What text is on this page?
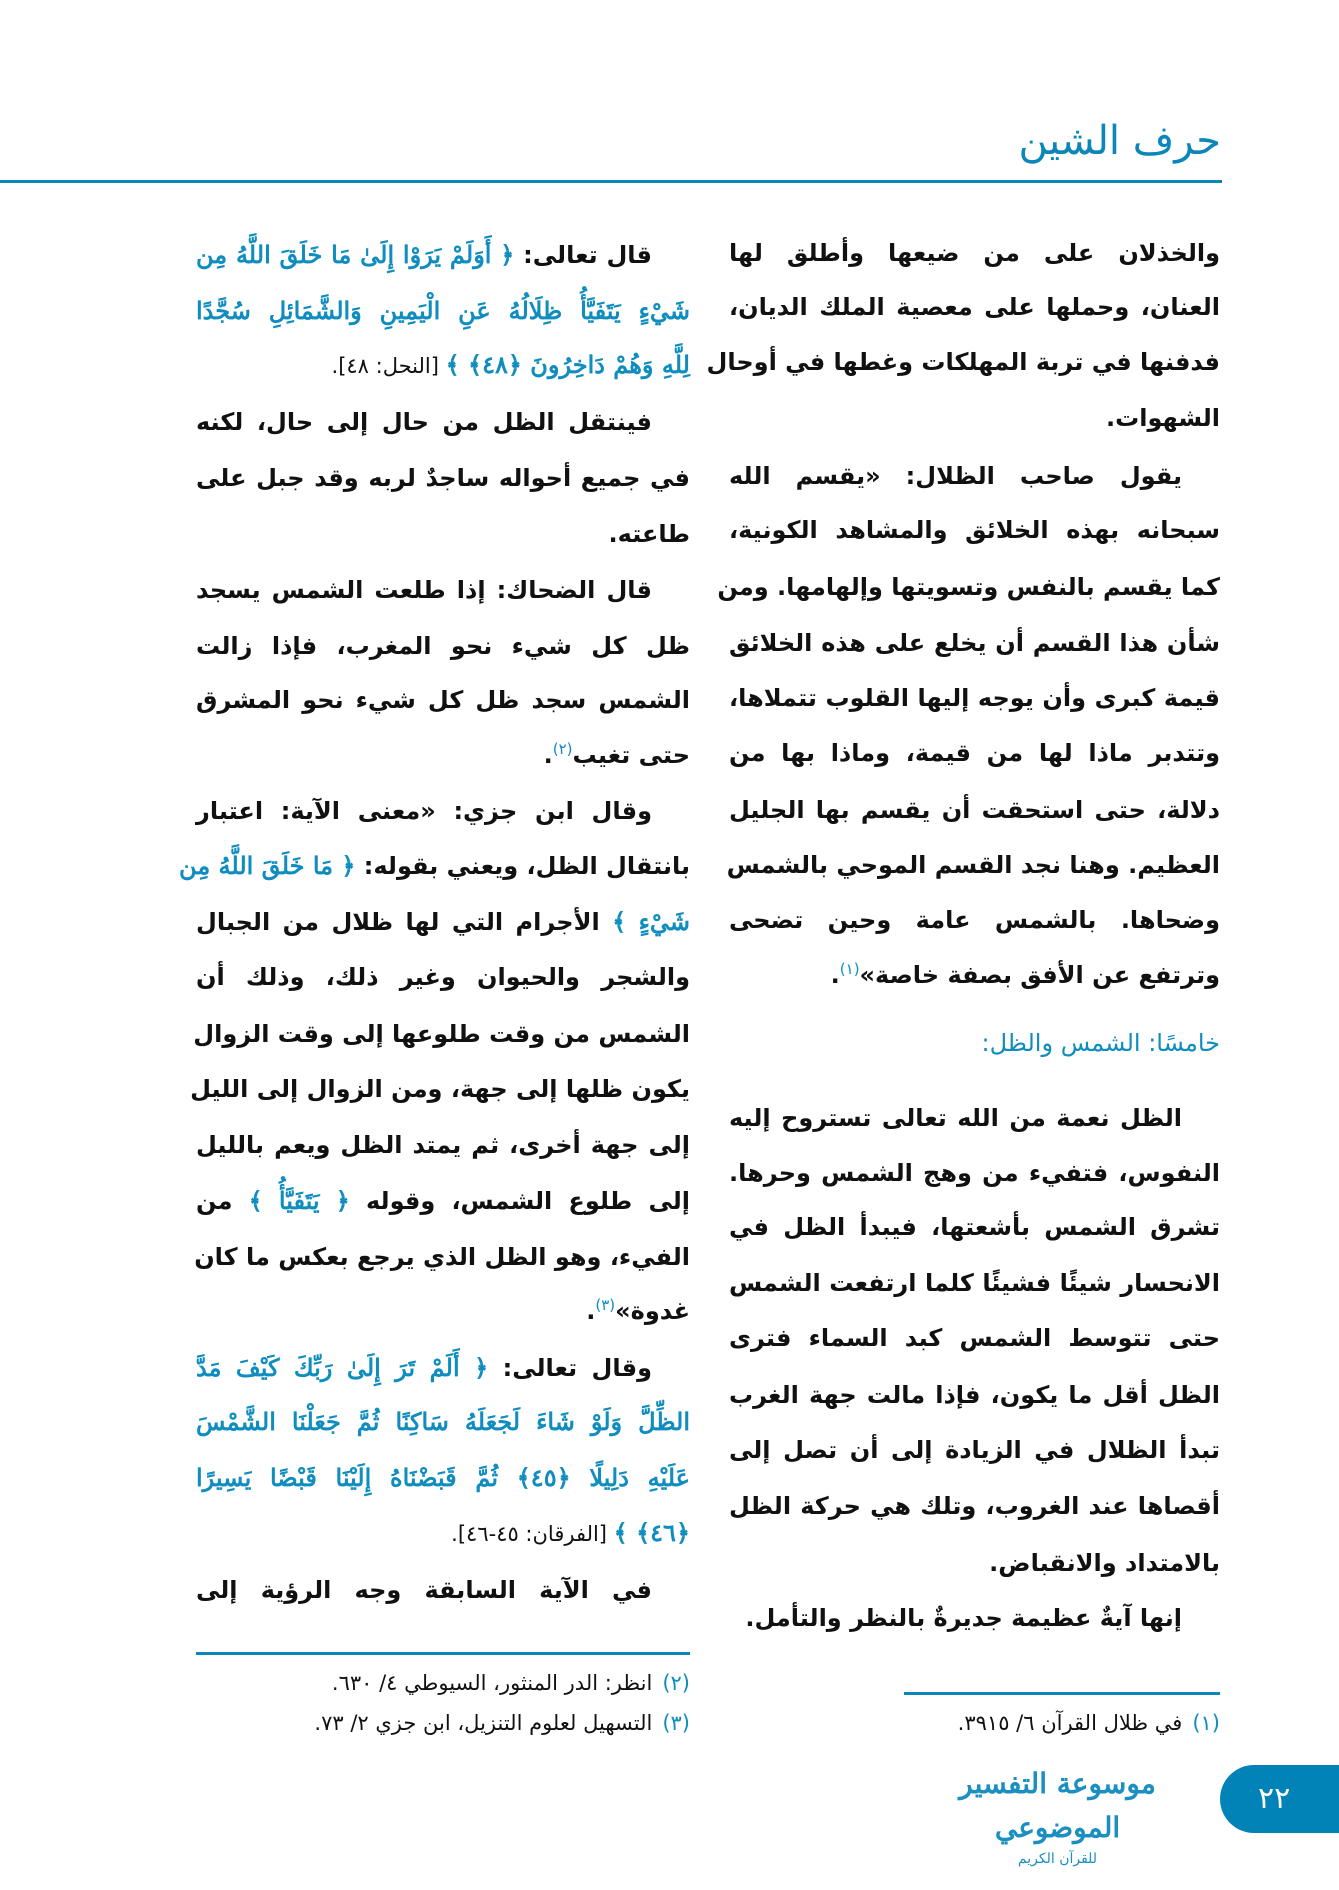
حرف الشين
والخذلان على من ضيعها وأطلق لها
العنان، وحملها على معصية الملك الديان،
فدفنها في تربة المهلكات وغطها في أوحال
الشهوات.
يقول صاحب الظلال: «يقسم الله
سبحانه بهذه الخلائق والمشاهد الكونية،
كما يقسم بالنفس وتسويتها وإلهامها. ومن
شأن هذا القسم أن يخلع على هذه الخلائق
قيمة كبرى وأن يوجه إليها القلوب تتملاها،
وتتدبر ماذا لها من قيمة، وماذا بها من
دلالة، حتى استحقت أن يقسم بها الجليل
العظيم. وهنا نجد القسم الموحي بالشمس
وضحاها. بالشمس عامة وحين تضحى
وترتفع عن الأفق بصفة خاصة»$^{(١)}$.
خامسًا: الشمس والظل:
الظل نعمة من الله تعالى تستروح إليه
النفوس، فتفيء من وهج الشمس وحرها.
تشرق الشمس بأشعتها، فيبدأ الظل في
الانحسار شيئًا فشيئًا كلما ارتفعت الشمس
حتى تتوسط الشمس كبد السماء فترى
الظل أقل ما يكون، فإذا مالت جهة الغرب
تبدأ الظلال في الزيادة إلى أن تصل إلى
أقصاها عند الغروب، وتلك هي حركة الظل
بالامتداد والانقباض.
إنها آيةٌ عظيمة جديرةٌ بالنظر والتأمل.
قال تعالى: ﴿ أَوَلَمْ يَرَوْا إِلَىٰ مَا خَلَقَ اللَّهُ مِن
شَيْءٍ يَتَفَيَّأُ ظِلَالُهُ عَنِ الْيَمِينِ وَالشَّمَائِلِ سُجَّدًا
لِلَّهِ وَهُمْ دَاخِرُونَ ﴿٤٨﴾ ﴾ [النحل: ٤٨].
فينتقل الظل من حال إلى حال، لكنه
في جميع أحواله ساجدٌ لربه وقد جبل على
طاعته.
قال الضحاك: إذا طلعت الشمس يسجد
ظل كل شيء نحو المغرب، فإذا زالت
الشمس سجد ظل كل شيء نحو المشرق
حتى تغيب$^{(٢)}$.
وقال ابن جزي: «معنى الآية: اعتبار
بانتقال الظل، ويعني بقوله: ﴿ مَا خَلَقَ اللَّهُ مِن
شَيْءٍ ﴾ الأجرام التي لها ظلال من الجبال
والشجر والحيوان وغير ذلك، وذلك أن
الشمس من وقت طلوعها إلى وقت الزوال
يكون ظلها إلى جهة، ومن الزوال إلى الليل
إلى جهة أخرى، ثم يمتد الظل ويعم بالليل
إلى طلوع الشمس، وقوله ﴿ يَتَفَيَّأُ ﴾ من
الفيء، وهو الظل الذي يرجع بعكس ما كان
غدوة»$^{(٣)}$.
وقال تعالى: ﴿ أَلَمْ تَرَ إِلَىٰ رَبِّكَ كَيْفَ مَدَّ
الظِّلَّ وَلَوْ شَاءَ لَجَعَلَهُ سَاكِنًا ثُمَّ جَعَلْنَا الشَّمْسَ
عَلَيْهِ دَلِيلًا ﴿٤٥﴾ ثُمَّ قَبَضْنَاهُ إِلَيْنَا قَبْضًا يَسِيرًا
﴿٤٦﴾ ﴾ [الفرقان: ٤٥-٤٦].
في الآية السابقة وجه الرؤية إلى
(٢)انظر: الدر المنثور، السيوطي ٤/ ٦٣٠.
(٣)التسهيل لعلوم التنزيل، ابن جزي ٢/ ٧٣.	(١)في ظلال القرآن ٦/ ٣٩١٥.
موسوعة التفسير الموضوعي
للقرآن الكريم
٢٢
